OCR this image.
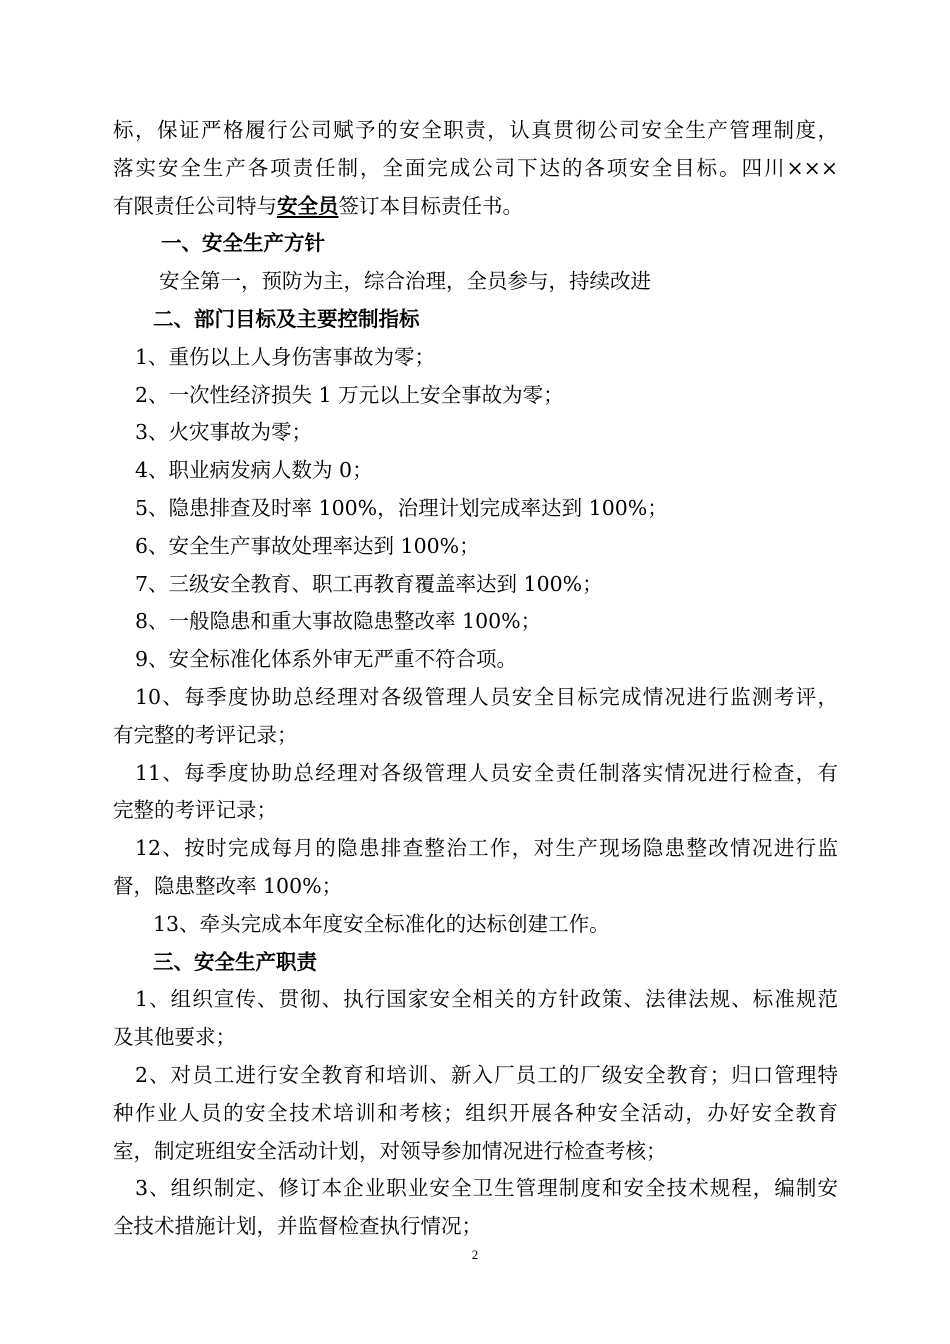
标，保证严格履行公司赋予的安全职责，认真贯彻公司安全生产管理制度，
落实安全生产各项责任制，全面完成公司下达的各项安全目标。四川×××
有限责任公司特与安全员签订本目标责任书。
一、安全生产方针
安全第一，预防为主，综合治理，全员参与，持续改进
二、部门目标及主要控制指标
1、重伤以上人身伤害事故为零；
2、一次性经济损失 1 万元以上安全事故为零；
3、火灾事故为零；
4、职业病发病人数为 0；
5、隐患排查及时率 100%，治理计划完成率达到 100%；
6、安全生产事故处理率达到 100%；
7、三级安全教育、职工再教育覆盖率达到 100%；
8、一般隐患和重大事故隐患整改率 100%；
9、安全标准化体系外审无严重不符合项。
10、每季度协助总经理对各级管理人员安全目标完成情况进行监测考评，
有完整的考评记录；
11、每季度协助总经理对各级管理人员安全责任制落实情况进行检查，有
完整的考评记录；
12、按时完成每月的隐患排查整治工作，对生产现场隐患整改情况进行监
督，隐患整改率 100%；
13、牵头完成本年度安全标准化的达标创建工作。
三、安全生产职责
1、组织宣传、贯彻、执行国家安全相关的方针政策、法律法规、标准规范
及其他要求；
2、对员工进行安全教育和培训、新入厂员工的厂级安全教育；归口管理特
种作业人员的安全技术培训和考核；组织开展各种安全活动，办好安全教育
室，制定班组安全活动计划，对领导参加情况进行检查考核；
3、组织制定、修订本企业职业安全卫生管理制度和安全技术规程，编制安
全技术措施计划，并监督检查执行情况；
2
